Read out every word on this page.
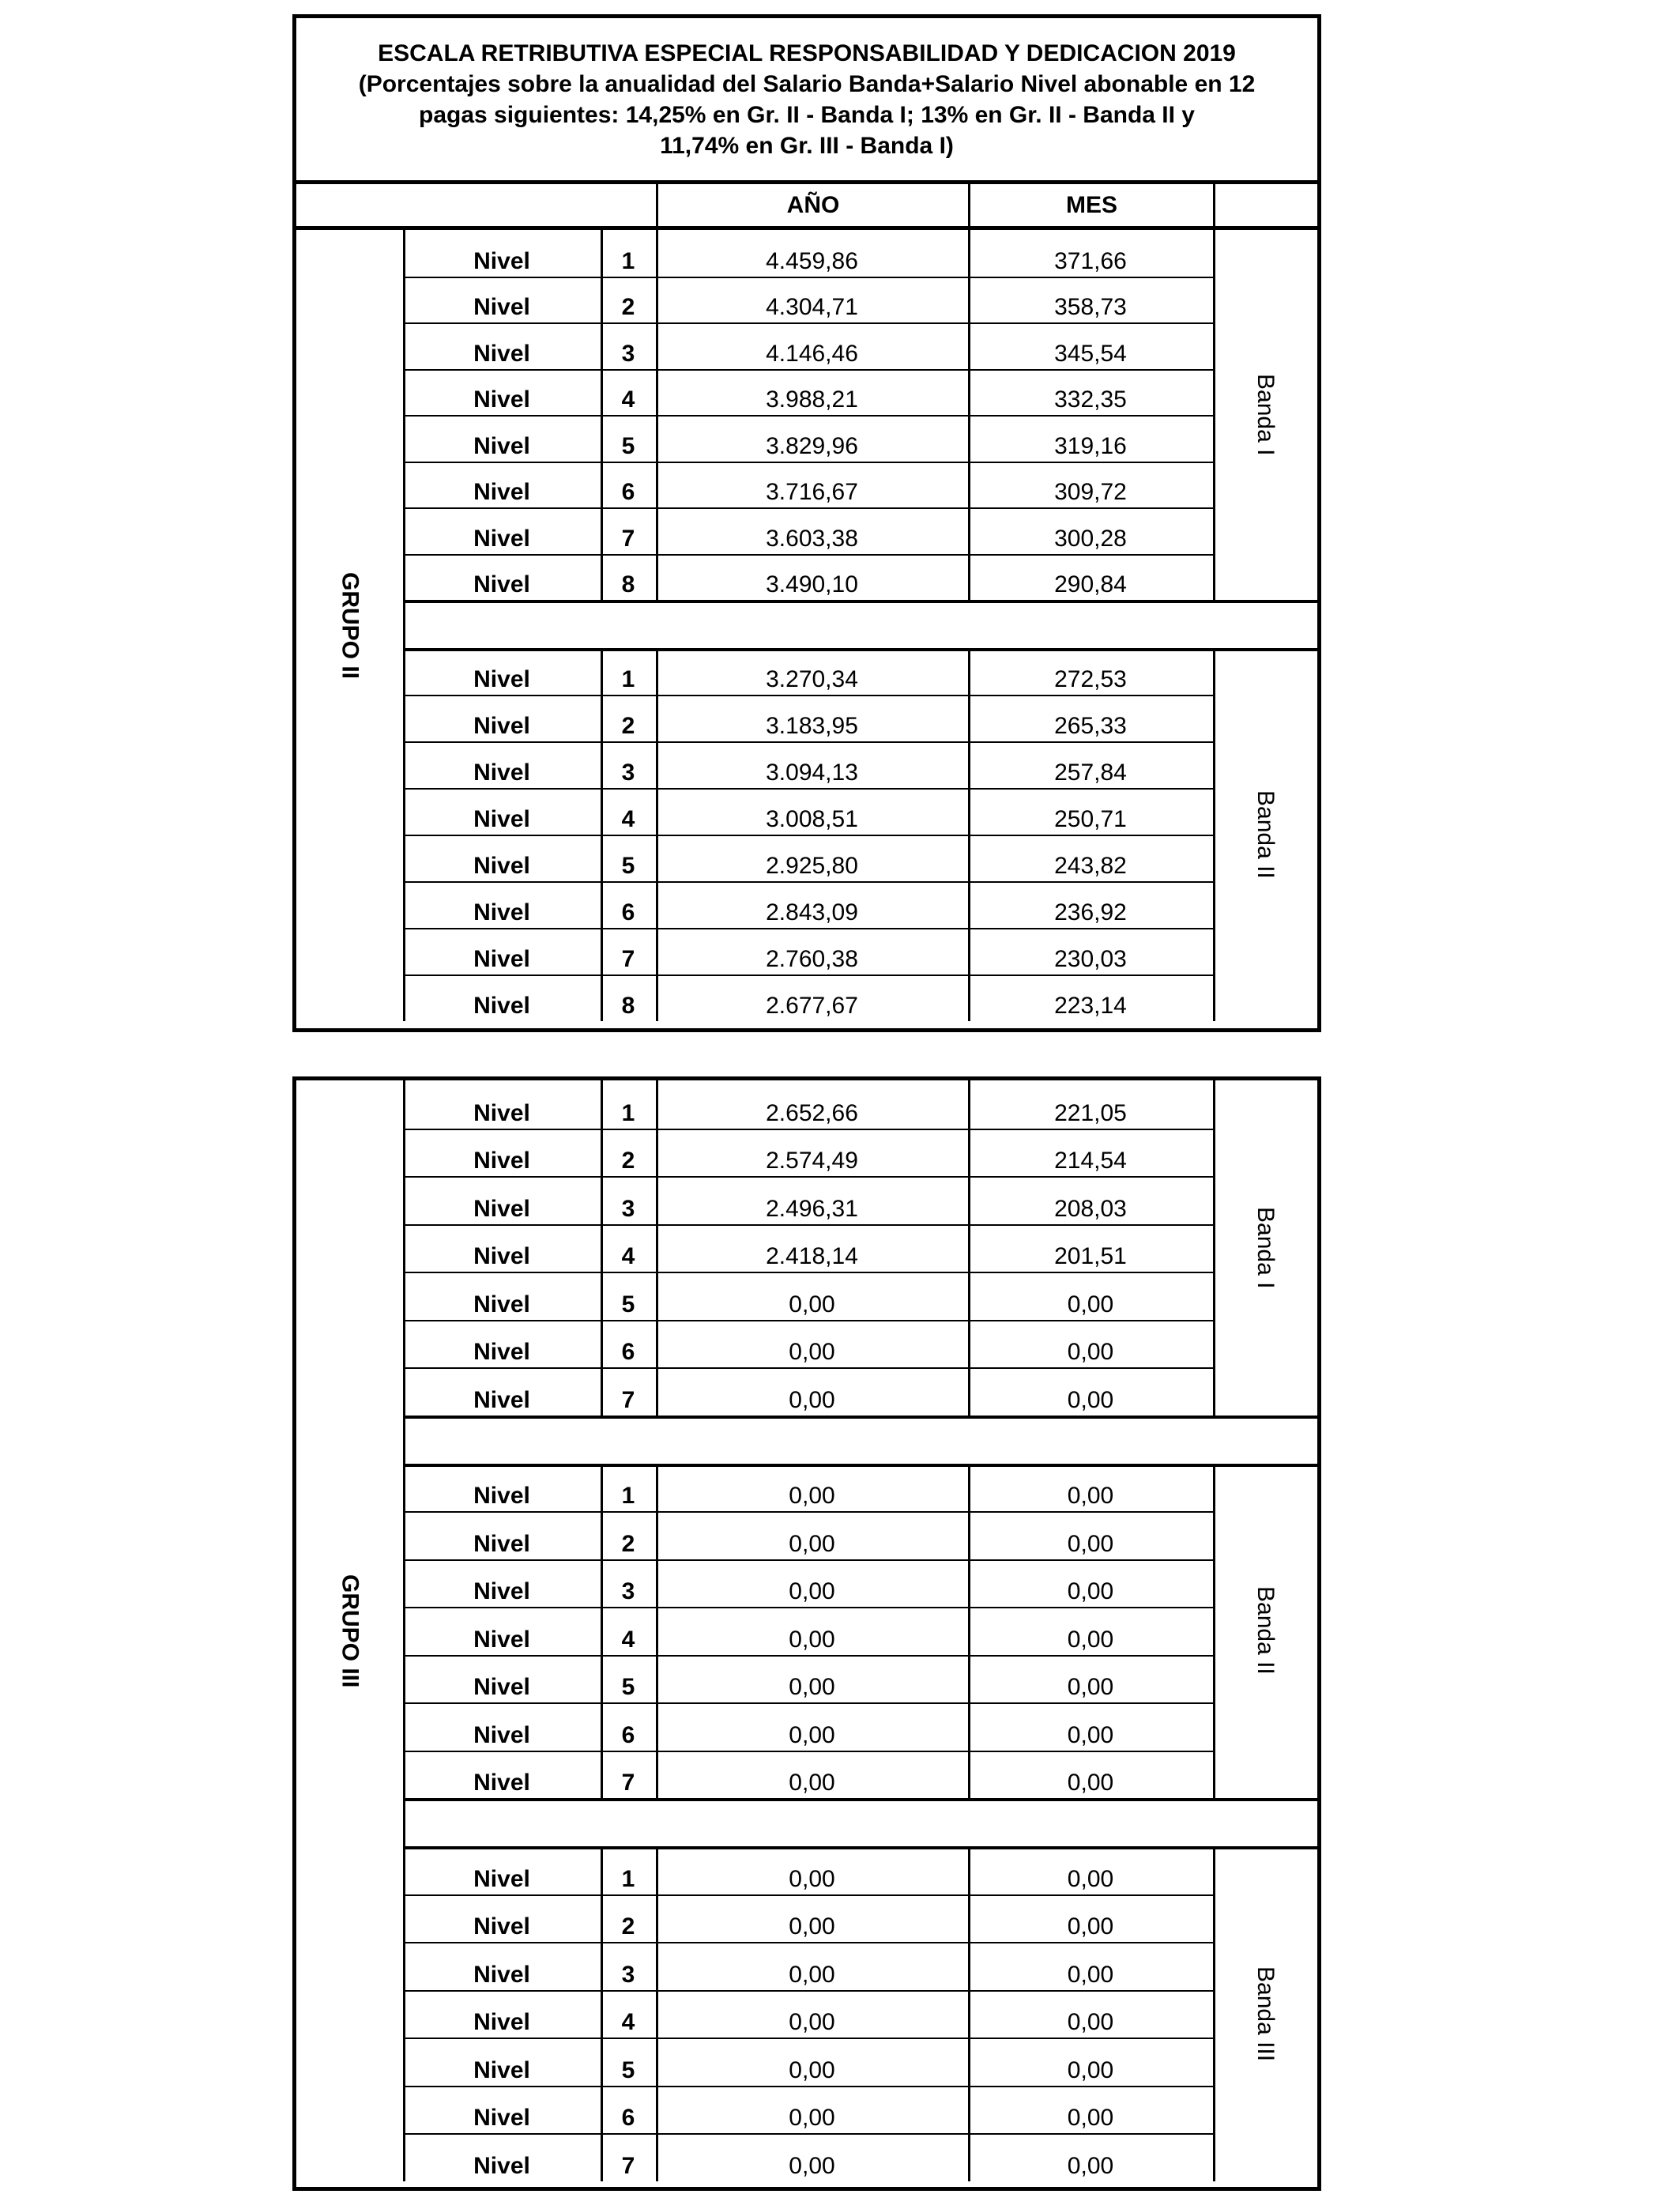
ESCALA RETRIBUTIVA ESPECIAL RESPONSABILIDAD Y DEDICACION 2019
(Porcentajes sobre la anualidad del Salario Banda+Salario Nivel abonable en 12
pagas siguientes: 14,25% en Gr. II - Banda I; 13% en Gr. II - Banda II y
11,74% en Gr. III - Banda I)
AÑO	MES
Nivel	1	4.459,86	371,66
Nivel	2	4.304,71	358,73
Nivel	3	4.146,46	345,54
Nivel	4	3.988,21	332,35
Nivel	5	3.829,96	319,16
Nivel	6	3.716,67	309,72
Nivel	7	3.603,38	300,28
Nivel	8	3.490,10	290,84
Banda I
Nivel	1	3.270,34	272,53
Nivel	2	3.183,95	265,33
Nivel	3	3.094,13	257,84
Nivel	4	3.008,51	250,71
Nivel	5	2.925,80	243,82
Nivel	6	2.843,09	236,92
Nivel	7	2.760,38	230,03
Nivel	8	2.677,67	223,14
Banda II
GRUPO II
Nivel	1	2.652,66	221,05
Nivel	2	2.574,49	214,54
Nivel	3	2.496,31	208,03
Nivel	4	2.418,14	201,51
Nivel	5	0,00	0,00
Nivel	6	0,00	0,00
Nivel	7	0,00	0,00
Banda I
Nivel	1	0,00	0,00
Nivel	2	0,00	0,00
Nivel	3	0,00	0,00
Nivel	4	0,00	0,00
Nivel	5	0,00	0,00
Nivel	6	0,00	0,00
Nivel	7	0,00	0,00
Banda II
Nivel	1	0,00	0,00
Nivel	2	0,00	0,00
Nivel	3	0,00	0,00
Nivel	4	0,00	0,00
Nivel	5	0,00	0,00
Nivel	6	0,00	0,00
Nivel	7	0,00	0,00
Banda III
GRUPO III
